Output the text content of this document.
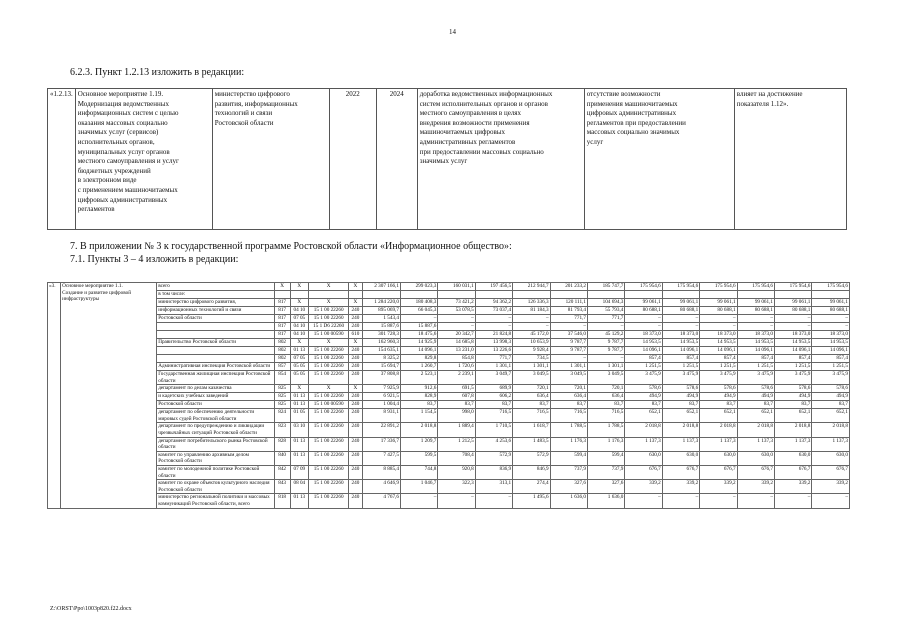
14
6.2.3. Пункт 1.2.13 изложить в редакции:
«1.2.13.	Основное мероприятие 1.19.
Модернизация ведомственных
информационных систем с целью
оказания массовых социально
значимых услуг (сервисов)
исполнительных органов,
муниципальных услуг органов
местного самоуправления и услуг
бюджетных учреждений
в электронном виде
с применением машиночитаемых
цифровых административных
регламентов	министерство цифрового
развития, информационных
технологий и связи
Ростовской области	2022	2024	доработка ведомственных информационных
систем исполнительных органов и органов
местного самоуправления в целях
внедрения возможности применения
машиночитаемых цифровых
административных регламентов
при предоставлении массовых социально
значимых услуг	отсутствие возможности
применения машиночитаемых
цифровых административных
регламентов при предоставлении
массовых социально значимых
услуг	влияет на достижение
показателя 1.12».
7. В приложении № 3 к государственной программе Ростовской области «Информационное общество»:
7.1. Пункты 3 – 4 изложить в редакции:
«3.	Основное мероприятие 1.1.
Создание и развитие цифровой
инфраструктуры	всего	X	X	X	X	2 307 166,1	299 023,3	160 031,1	197 456,5	212 944,7	201 233,2	185 747,7	175 954,6	175 954,6	175 954,6	175 954,6	175 954,6	175 954,6
		в том числе:																	
		министерство цифрового развития,	817	X	X	X	1 284 220,0	180 408,3	73 421,2	94 362,2	126 336,3	120 111,1	104 694,3	99 061,1	99 061,1	99 061,1	99 061,1	99 061,1	99 061,1
		информационных технологий и связи	817	04 10	15 1 00 22260	240	895 069,7	66 045,3	53 078,5	73 037,4	81 184,3	81 793,4	55 793,4	80 688,1	80 688,1	80 688,1	80 688,1	80 688,1	80 688,1
		Ростовской области	817	07 05	15 1 00 22260	240	1 543,4	–	–	–	–	771,7	771,7	–	–	–	–	–	–
			817	04 10	15 1 D6 22260	240	15 887,6	15 887,6	–	–	–	–	–	–	–	–	–	–	–
			817	04 10	15 1 00 00590	610	301 728,3	18 475,6	20 342,7	21 824,8	45 172,0	37 546,0	45 129,2	18 373,0	18 373,0	18 373,0	18 373,0	18 373,0	18 373,0
		Правительство Ростовской области	802	X	X	X	162 960,3	14 925,9	14 685,8	13 998,3	10 653,9	9 787,7	9 787,7	14 953,5	14 953,5	14 953,5	14 953,5	14 953,5	14 953,5
			802	01 13	15 1 00 22260	240	154 635,1	14 096,1	13 231,0	13 226,6	9 928,4	9 787,7	9 787,7	14 096,1	14 096,1	14 096,1	14 096,1	14 096,1	14 096,1
			802	07 05	15 1 00 22260	240	8 325,2	829,8	854,8	771,7	734,5	–	–	857,4	857,4	857,4	857,4	857,4	857,4
		Административная инспекция Ростовской области	857	05 05	15 1 00 22260	240	15 694,7	1 260,7	1 720,6	1 301,1	1 301,1	1 301,1	1 301,1	1 251,5	1 251,5	1 251,5	1 251,5	1 251,5	1 251,5
		Государственная жилищная инспекция Ростовской области	854	05 05	15 1 00 22260	240	37 808,8	2 523,1	2 239,1	3 049,7	3 049,5	3 049,5	3 049,5	3 475,9	3 475,9	3 475,9	3 475,9	3 475,9	3 475,9
		департамент по делам казачества	825	X	X	X	7 925,9	912,6	691,5	689,9	720,1	720,1	720,1	578,6	578,6	578,6	578,6	578,6	578,6
		и кадетских учебных заведений	825	01 13	15 1 00 22260	240	6 921,5	828,9	607,8	606,2	636,4	636,4	636,4	494,9	494,9	494,9	494,9	494,9	494,9
		Ростовской области	825	01 13	15 1 00 00590	240	1 004,4	83,7	83,7	83,7	83,7	83,7	83,7	83,7	83,7	83,7	83,7	83,7	83,7
		департамент по обеспечению деятельности мировых судей Ростовской области	824	01 05	15 1 00 22260	240	8 931,1	1 154,5	998,0	716,5	716,5	716,5	716,5	652,1	652,1	652,1	652,1	652,1	652,1
		департамент по предупреждению и ликвидации чрезвычайных ситуаций Ростовской области	823	03 10	15 1 00 22260	240	22 891,2	2 018,8	1 889,4	1 710,5	1 618,7	1 788,5	1 788,5	2 018,8	2 018,8	2 018,8	2 018,8	2 018,8	2 018,8
		департамент потребительского рынка Ростовской области	828	01 13	15 1 00 22260	240	17 336,7	1 209,7	1 212,5	4 253,6	1 483,5	1 176,3	1 176,3	1 137,3	1 137,3	1 137,3	1 137,3	1 137,3	1 137,3
		комитет по управлению архивным делом Ростовской области	840	01 13	15 1 00 22260	240	7 427,5	599,5	708,4	572,9	572,9	599,4	599,4	630,0	630,0	630,0	630,0	630,0	630,0
		комитет по молодежной политике Ростовской области	842	07 09	15 1 00 22260	240	8 885,4	744,8	920,8	836,9	846,9	737,9	737,9	676,7	676,7	676,7	676,7	676,7	676,7
		комитет по охране объектов культурного наследия Ростовской области	843	08 04	15 1 00 22260	240	4 646,9	1 046,7	322,3	313,1	274,4	327,6	327,6	339,2	339,2	339,2	339,2	339,2	339,2
		министерство региональной политики и массовых коммуникаций Ростовской области, всего	818	01 13	15 1 00 22260	240	4 767,6	–	–	–	1 495,6	1 636,0	1 636,0	–	–	–	–	–	–
Z:\ORST\Ppo\1003p820.f22.docx
